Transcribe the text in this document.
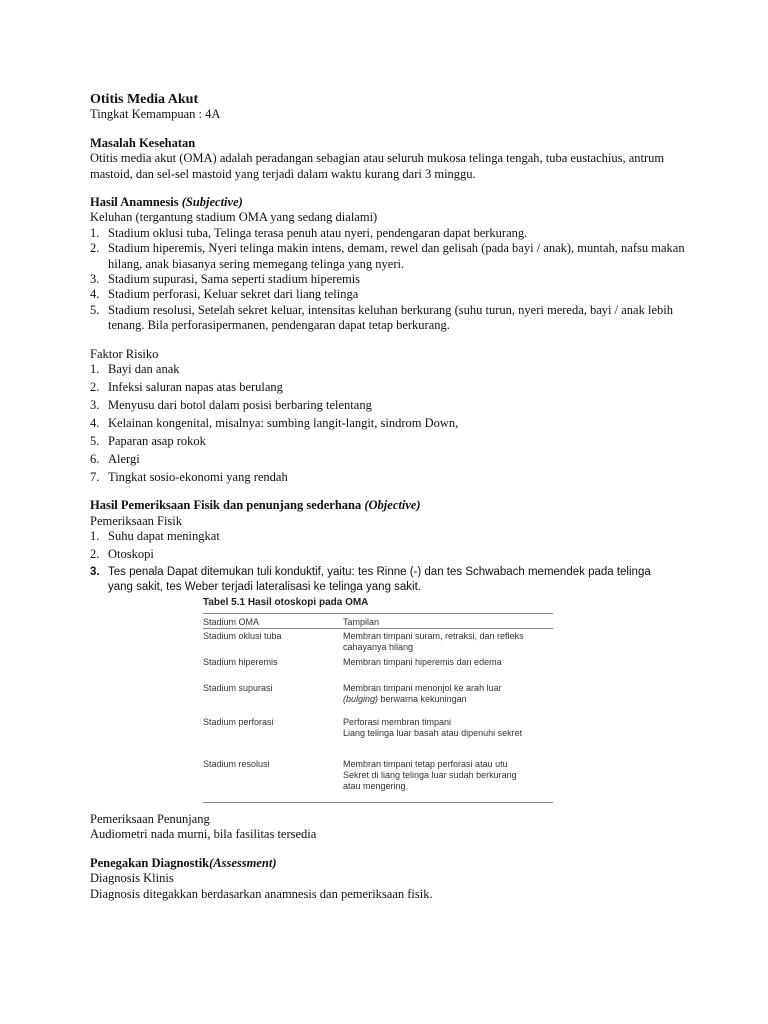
Otitis Media Akut

Tingkat Kemampuan : 4A

Masalah Kesehatan

Otitis media akut (OMA) adalah peradangan sebagian atau seluruh mukosa telinga tengah, tuba eustachius, antrum

mastoid, dan sel-sel mastoid yang terjadi dalam waktu kurang dari 3 minggu.

Hasil Anamnesis (Subjective)

Keluhan (tergantung stadium OMA yang sedang dialami)

1. Stadium oklusi tuba, Telinga terasa penuh atau nyeri, pendengaran dapat berkurang.
2. Stadium hiperemis, Nyeri telinga makin intens, demam, rewel dan gelisah (pada bayi / anak), muntah, nafsu makan
hilang, anak biasanya sering memegang telinga yang nyeri.
3. Stadium supurasi, Sama seperti stadium hiperemis
4. Stadium perforasi, Keluar sekret dari liang telinga
5. Stadium resolusi, Setelah sekret keluar, intensitas keluhan berkurang (suhu turun, nyeri mereda, bayi / anak lebih
tenang. Bila perforasipermanen, pendengaran dapat tetap berkurang.

Faktor Risiko

1. Bayi dan anak
2. Infeksi saluran napas atas berulang
3. Menyusu dari botol dalam posisi berbaring telentang
4. Kelainan kongenital, misalnya: sumbing langit-langit, sindrom Down,
5. Paparan asap rokok
6. Alergi
7. Tingkat sosio-ekonomi yang rendah

Hasil Pemeriksaan Fisik dan penunjang sederhana (Objective)

Pemeriksaan Fisik

1. Suhu dapat meningkat
2. Otoskopi
3. Tes penala Dapat ditemukan tuli konduktif, yaitu: tes Rinne (-) dan tes Schwabach memendek pada telinga
yang sakit, tes Weber terjadi lateralisasi ke telinga yang sakit.
Tabel 5.1 Hasil otoskopi pada OMA
Stadium OMA	Tampilan
Stadium oklusi tuba	Membran timpani suram, retraksi, dan refleks
cahayanya hilang
Stadium hiperemis	Membran timpani hiperemis dan edema
Stadium supurasi	Membran timpani menonjol ke arah luar
(bulging) berwarna kekuningan
Stadium perforasi	Perforasi membran timpani
Liang telinga luar basah atau dipenuhi sekret
Stadium resolusi	Membran timpani tetap perforasi atau utu
Sekret di liang telinga luar sudah berkurang
atau mengering

Pemeriksaan Penunjang

Audiometri nada murni, bila fasilitas tersedia

Penegakan Diagnostik(Assessment)

Diagnosis Klinis

Diagnosis ditegakkan berdasarkan anamnesis dan pemeriksaan fisik.
